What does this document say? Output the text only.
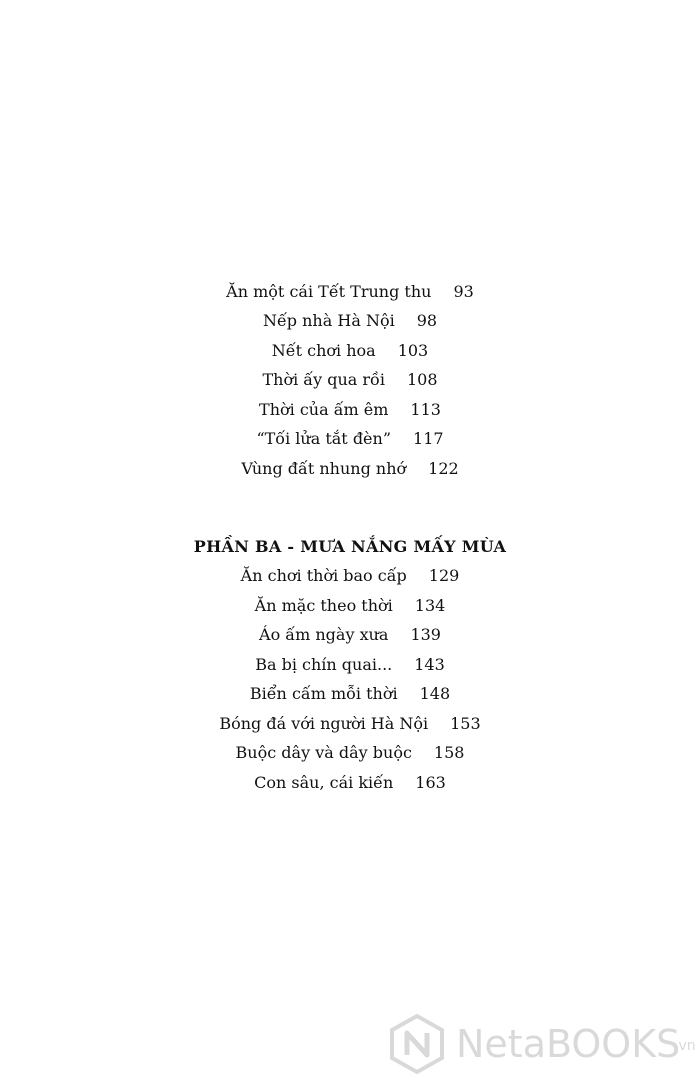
Ăn một cái Tết Trung thu 93
Nếp nhà Hà Nội 98
Nết chơi hoa 103
Thời ấy qua rồi 108
Thời của ấm êm 113
“Tối lửa tắt đèn” 117
Vùng đất nhung nhớ 122
PHẦN BA - MƯA NẮNG MẤY MÙA
Ăn chơi thời bao cấp 129
Ăn mặc theo thời 134
Áo ấm ngày xưa 139
Ba bị chín quai... 143
Biển cấm mỗi thời 148
Bóng đá với người Hà Nội 153
Buộc dây và dây buộc 158
Con sâu, cái kiến 163
NetaBOOKS
.vn
